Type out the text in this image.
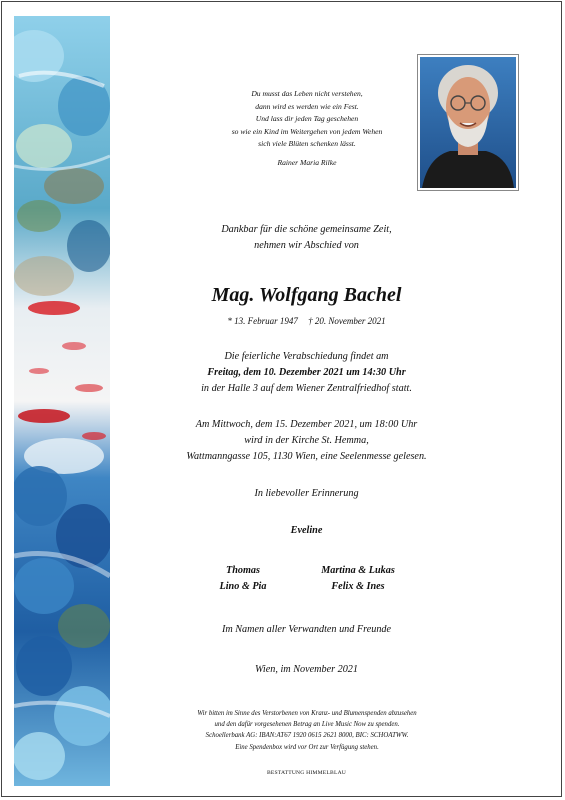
Du musst das Leben nicht verstehen,
dann wird es werden wie ein Fest.
Und lass dir jeden Tag geschehen
so wie ein Kind im Weitergehen von jedem Wehen
sich viele Blüten schenken lässt.
Rainer Maria Rilke
Dankbar für die schöne gemeinsame Zeit,
nehmen wir Abschied von
Mag. Wolfgang Bachel
* 13. Februar 1947 † 20. November 2021
Die feierliche Verabschiedung findet am
Freitag, dem 10. Dezember 2021 um 14:30 Uhr
in der Halle 3 auf dem Wiener Zentralfriedhof statt.
Am Mittwoch, dem 15. Dezember 2021, um 18:00 Uhr
wird in der Kirche St. Hemma,
Wattmanngasse 105, 1130 Wien, eine Seelenmesse gelesen.
In liebevoller Erinnerung
Eveline
Thomas
Lino & Pia
Martina & Lukas
Felix & Ines
Im Namen aller Verwandten und Freunde
Wien, im November 2021
Wir bitten im Sinne des Verstorbenen von Kranz- und Blumenspenden abzusehen
und den dafür vorgesehenen Betrag an Live Music Now zu spenden.
Schoellerbank AG: IBAN:AT67 1920 0615 2621 8000, BIC: SCHOATWW.
Eine Spendenbox wird vor Ort zur Verfügung stehen.
BESTATTUNG HIMMELBLAU
